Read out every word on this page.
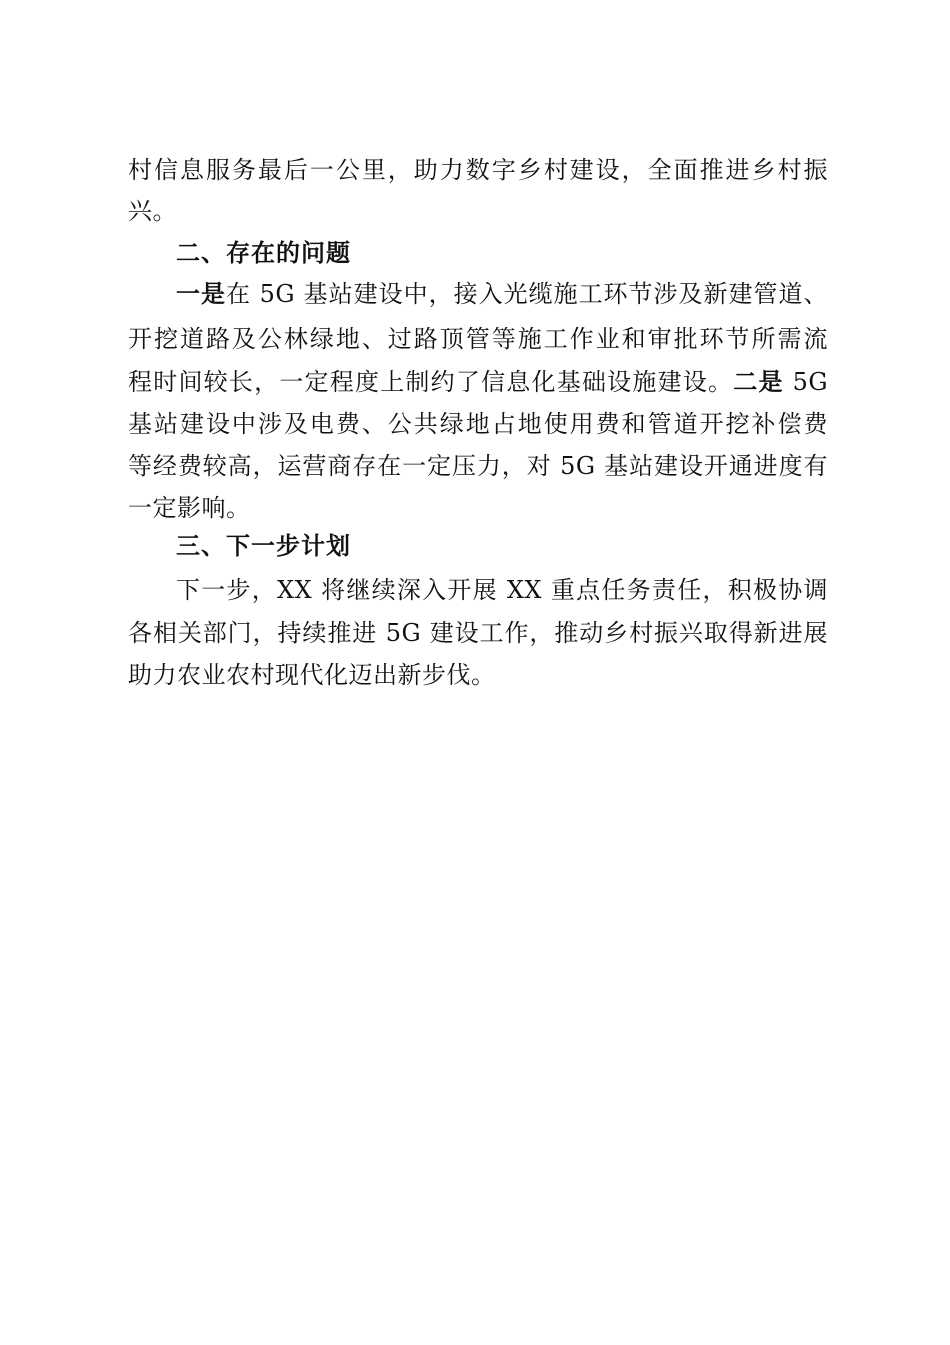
村信息服务最后一公里，助力数字乡村建设，全面推进乡村振
兴。
二、存在的问题
一是在 5G 基站建设中，接入光缆施工环节涉及新建管道、
开挖道路及公林绿地、过路顶管等施工作业和审批环节所需流
程时间较长，一定程度上制约了信息化基础设施建设。二是 5G
基站建设中涉及电费、公共绿地占地使用费和管道开挖补偿费
等经费较高，运营商存在一定压力，对 5G 基站建设开通进度有
一定影响。
三、下一步计划
下一步，XX 将继续深入开展 XX 重点任务责任，积极协调
各相关部门，持续推进 5G 建设工作，推动乡村振兴取得新进展
助力农业农村现代化迈出新步伐。
